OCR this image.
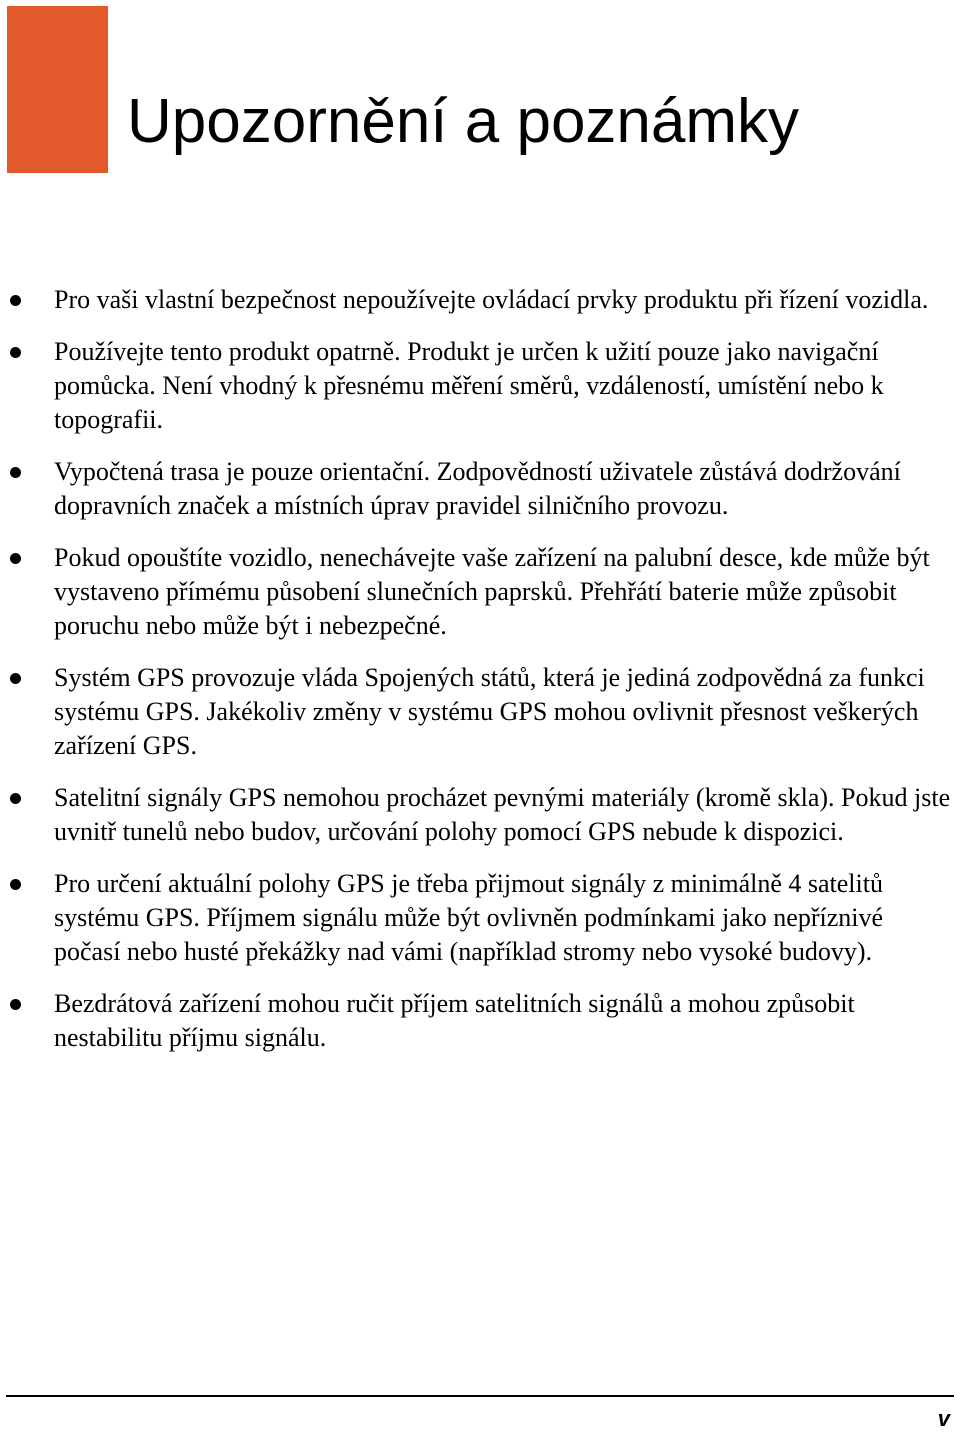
Upozornění a poznámky

Pro vaši vlastní bezpečnost nepoužívejte ovládací prvky produktu při řízení vozidla.

Používejte tento produkt opatrně. Produkt je určen k užití pouze jako navigační pomůcka. Není vhodný k přesnému měření směrů, vzdáleností, umístění nebo k topografii.

Vypočtená trasa je pouze orientační. Zodpovědností uživatele zůstává dodržování dopravních značek a místních úprav pravidel silničního provozu.

Pokud opouštíte vozidlo, nenechávejte vaše zařízení na palubní desce, kde může být vystaveno přímému působení slunečních paprsků. Přehřátí baterie může způsobit poruchu nebo může být i nebezpečné.

Systém GPS provozuje vláda Spojených států, která je jediná zodpovědná za funkci systému GPS. Jakékoliv změny v systému GPS mohou ovlivnit přesnost veškerých zařízení GPS.

Satelitní signály GPS nemohou procházet pevnými materiály (kromě skla). Pokud jste uvnitř tunelů nebo budov, určování polohy pomocí GPS nebude k dispozici.

Pro určení aktuální polohy GPS je třeba přijmout signály z minimálně 4 satelitů systému GPS. Příjmem signálu může být ovlivněn podmínkami jako nepříznivé počasí nebo husté překážky nad vámi (například stromy nebo vysoké budovy).

Bezdrátová zařízení mohou ručit příjem satelitních signálů a mohou způsobit nestabilitu příjmu signálu.

v
